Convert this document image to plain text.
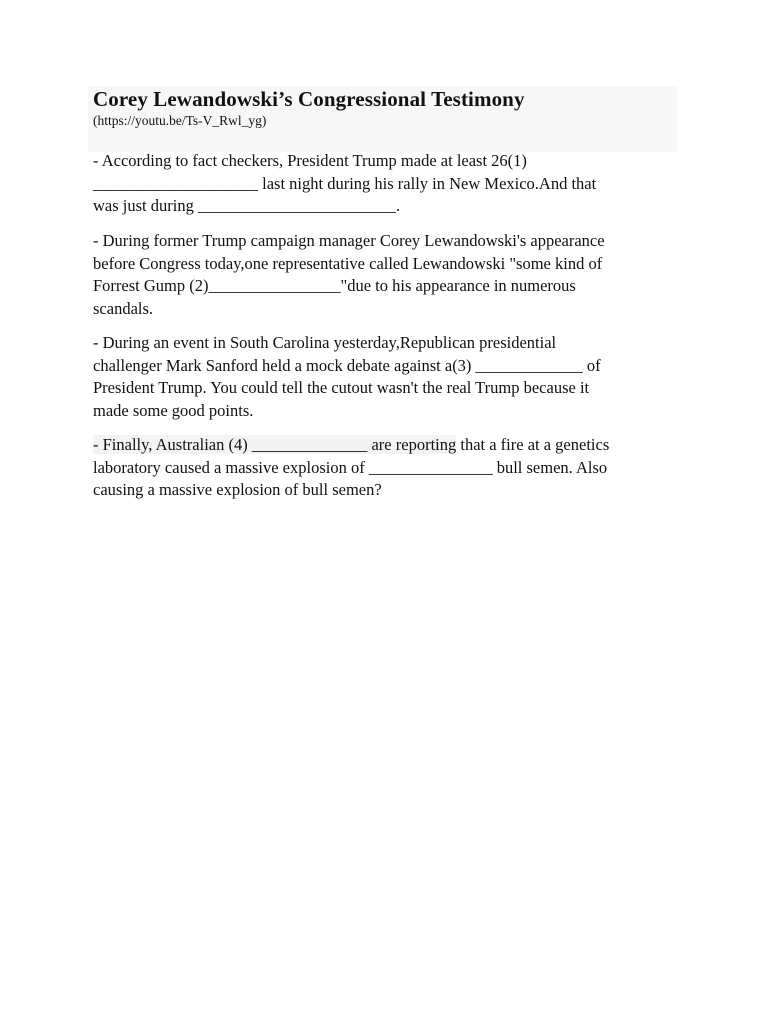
Corey Lewandowski’s Congressional Testimony
(https://youtu.be/Ts-V_Rwl_yg)
- According to fact checkers, President Trump made at least 26(1)
____________________ last night during his rally in New Mexico.And that
was just during ________________________.
- During former Trump campaign manager Corey Lewandowski's appearance
before Congress today,one representative called Lewandowski "some kind of
Forrest Gump (2)________________"due to his appearance in numerous
scandals.
- During an event in South Carolina yesterday,Republican presidential
challenger Mark Sanford held a mock debate against a(3) _____________ of
President Trump. You could tell the cutout wasn't the real Trump because it
made some good points.
- Finally, Australian (4) ______________ are reporting that a fire at a genetics
laboratory caused a massive explosion of _______________ bull semen. Also
causing a massive explosion of bull semen?
